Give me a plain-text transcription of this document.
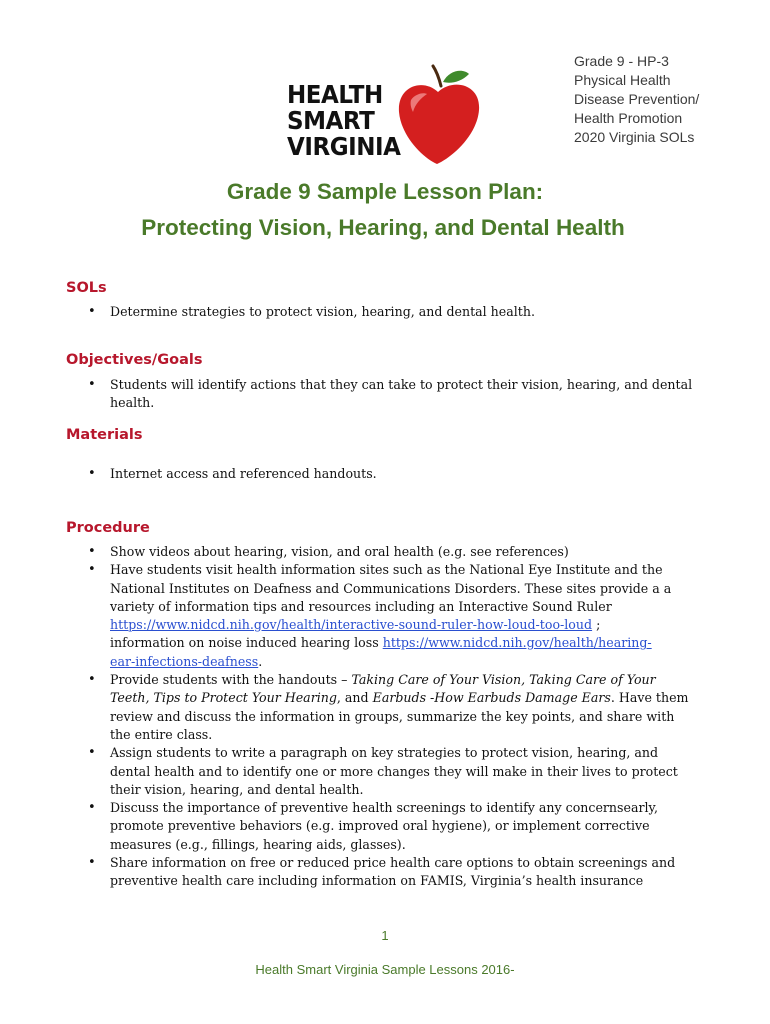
HEALTH
SMART
VIRGINIA
Grade 9 - HP-3
Physical Health
Disease Prevention/
Health Promotion
2020 Virginia SOLs
Grade 9 Sample Lesson Plan:
Protecting Vision, Hearing, and Dental Health
SOLs
• Determine strategies to protect vision, hearing, and dental health.
Objectives/Goals
• Students will identify actions that they can take to protect their vision, hearing, and dental
health.
Materials
• Internet access and referenced handouts.
Procedure
• Show videos about hearing, vision, and oral health (e.g. see references)
• Have students visit health information sites such as the National Eye Institute and the
National Institutes on Deafness and Communications Disorders. These sites provide a a
variety of information tips and resources including an Interactive Sound Ruler
https://www.nidcd.nih.gov/health/interactive-sound-ruler-how-loud-too-loud ;
information on noise induced hearing loss https://www.nidcd.nih.gov/health/hearing-
ear-infections-deafness.
• Provide students with the handouts – Taking Care of Your Vision, Taking Care of Your
Teeth, Tips to Protect Your Hearing, and Earbuds -How Earbuds Damage Ears. Have them
review and discuss the information in groups, summarize the key points, and share with
the entire class.
• Assign students to write a paragraph on key strategies to protect vision, hearing, and
dental health and to identify one or more changes they will make in their lives to protect
their vision, hearing, and dental health.
• Discuss the importance of preventive health screenings to identify any concernsearly,
promote preventive behaviors (e.g. improved oral hygiene), or implement corrective
measures (e.g., fillings, hearing aids, glasses).
• Share information on free or reduced price health care options to obtain screenings and
preventive health care including information on FAMIS, Virginia’s health insurance
1
Health Smart Virginia Sample Lessons 2016-
